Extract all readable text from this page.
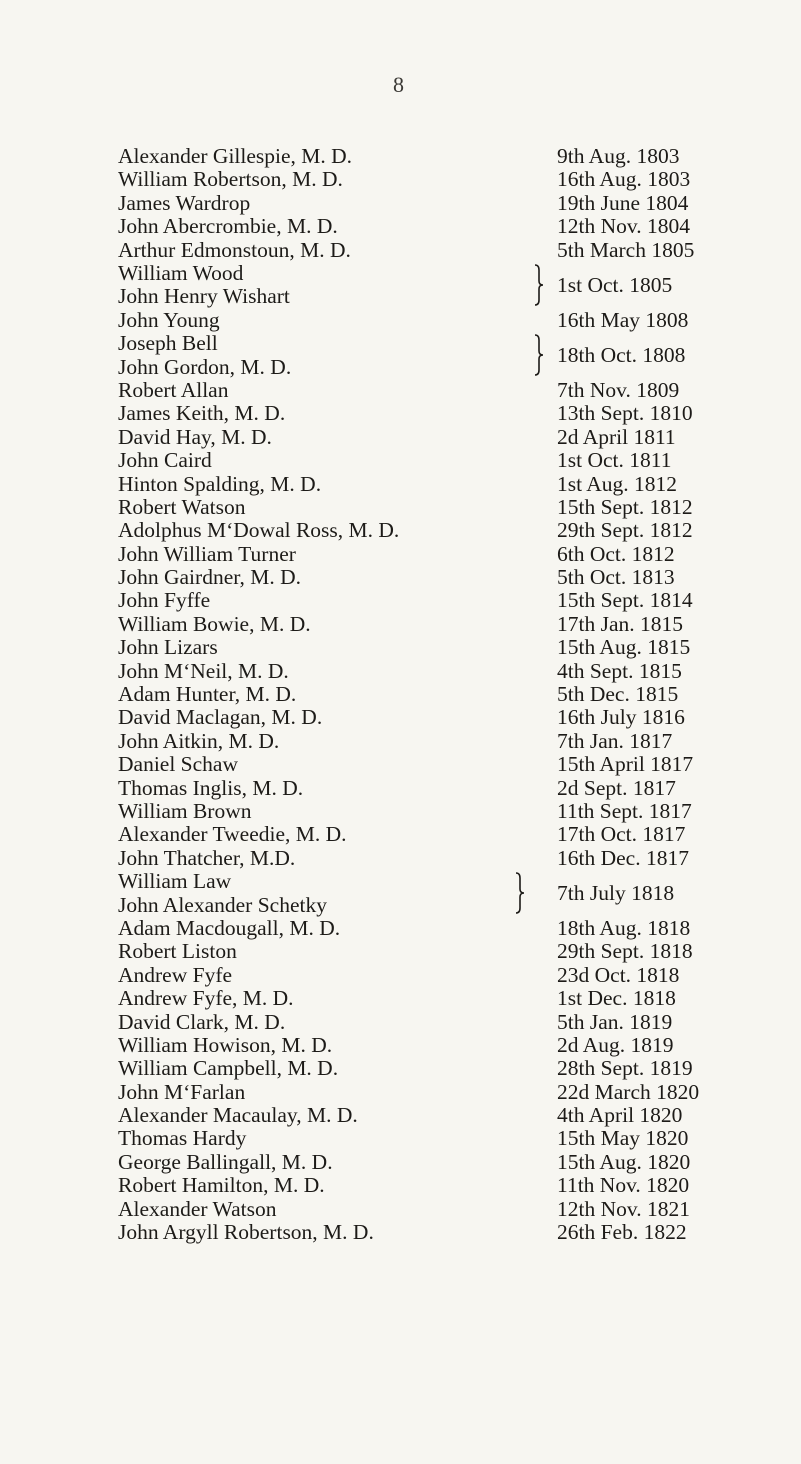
8
Alexander Gillespie, M. D.	9th Aug. 1803
William Robertson, M. D.	16th Aug. 1803
James Wardrop	19th June 1804
John Abercrombie, M. D.	12th Nov. 1804
Arthur Edmonstoun, M. D.	5th March 1805
William Wood
John Henry Wishart	1st Oct. 1805
John Young	16th May 1808
Joseph Bell
John Gordon, M. D.	18th Oct. 1808
Robert Allan	7th Nov. 1809
James Keith, M. D.	13th Sept. 1810
David Hay, M. D.	2d April 1811
John Caird	1st Oct. 1811
Hinton Spalding, M. D.	1st Aug. 1812
Robert Watson	15th Sept. 1812
Adolphus M‘Dowal Ross, M. D.	29th Sept. 1812
John William Turner	6th Oct. 1812
John Gairdner, M. D.	5th Oct. 1813
John Fyffe	15th Sept. 1814
William Bowie, M. D.	17th Jan. 1815
John Lizars	15th Aug. 1815
John M‘Neil, M. D.	4th Sept. 1815
Adam Hunter, M. D.	5th Dec. 1815
David Maclagan, M. D.	16th July 1816
John Aitkin, M. D.	7th Jan. 1817
Daniel Schaw	15th April 1817
Thomas Inglis, M. D.	2d Sept. 1817
William Brown	11th Sept. 1817
Alexander Tweedie, M. D.	17th Oct. 1817
John Thatcher, M.D.	16th Dec. 1817
William Law
John Alexander Schetky	7th July 1818
Adam Macdougall, M. D.	18th Aug. 1818
Robert Liston	29th Sept. 1818
Andrew Fyfe	23d Oct. 1818
Andrew Fyfe, M. D.	1st Dec. 1818
David Clark, M. D.	5th Jan. 1819
William Howison, M. D.	2d Aug. 1819
William Campbell, M. D.	28th Sept. 1819
John M‘Farlan	22d March 1820
Alexander Macaulay, M. D.	4th April 1820
Thomas Hardy	15th May 1820
George Ballingall, M. D.	15th Aug. 1820
Robert Hamilton, M. D.	11th Nov. 1820
Alexander Watson	12th Nov. 1821
John Argyll Robertson, M. D.	26th Feb. 1822
